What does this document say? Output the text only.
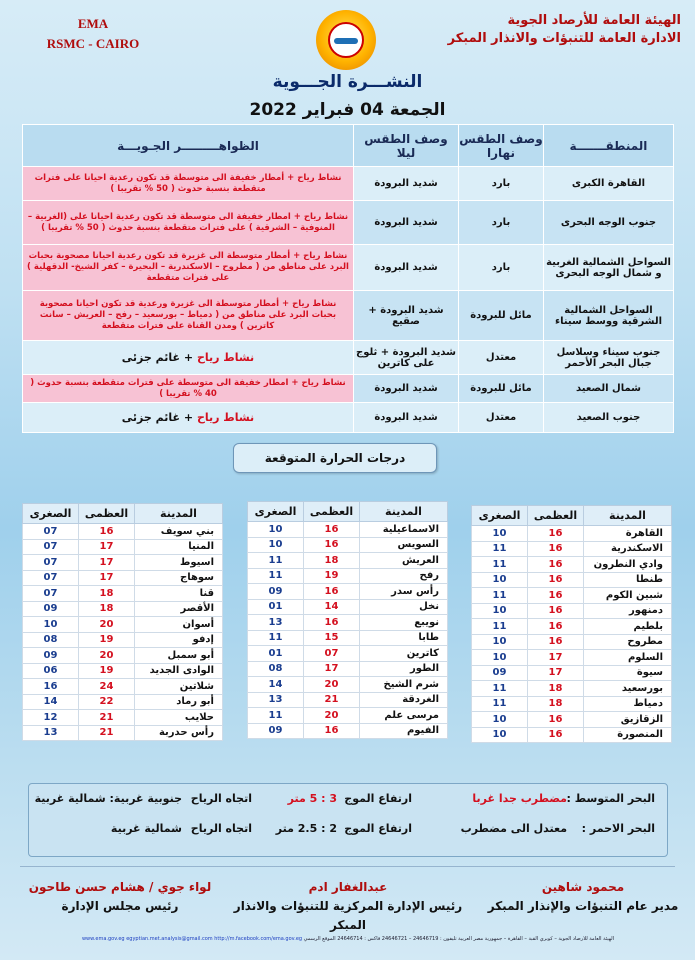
EMA
RSMC - CAIRO
الهيئة العامة للأرصاد الجوية
الادارة العامة للتنبؤات والانذار المبكر
النشـــرة الجـــوية
الجمعة 04 فبراير 2022
المنطقـــــــة	وصف الطقس نهارا	وصف الطقس ليلا	الظواهـــــــــر الجـويـــة
القاهرة الكبرى	بارد	شديد البرودة	نشاط رياح + أمطار خفيفة الى متوسطة قد تكون رعدية احيانا على فترات متقطعة بنسبة حدوث ( 50 % تقريبا )
جنوب الوجه البحرى	بارد	شديد البرودة	نشاط رياح + امطار خفيفة الى متوسطة قد تكون رعدية احيانا على (الغربية – المنوفية – الشرقية ) على فترات متقطعة بنسبة حدوث ( 50 % تقريبا )
السواحل الشمالية الغربية و شمال الوجه البحرى	بارد	شديد البرودة	نشاط رياح + أمطار متوسطة الى غزيرة قد تكون رعدية احيانا مصحوبة بحبات البرد على مناطق من ( مطروح – الاسكندرية – البحيرة – كفر الشيخ- الدقهلية ) على فترات متقطعة
السواحل الشمالية الشرقية ووسط سيناء	مائل للبرودة	شديد البرودة + صقيع	نشاط رياح + أمطار متوسطة الى غزيرة ورعدية قد تكون احيانا مصحوبة بحبات البرد على مناطق من ( دمياط – بورسعيد – رفح – العريش – سانت كاترين ) ومدن القناة على فترات متقطعة
جنوب سيناء وسلاسل جبال البحر الأحمر	معتدل	شديد البرودة + ثلوج على كاترين	نشاط رياح + غائم جزئى
شمال الصعيد	مائل للبرودة	شديد البرودة	نشاط رياح + امطار خفيفة الى متوسطة على فترات متقطعة بنسبة حدوث ( 40 % تقريبا )
جنوب الصعيد	معتدل	شديد البرودة	نشاط رياح + غائم جزئى
درجات الحرارة المتوقعة
المدينة	العظمى	الصغرى
القاهرة	16	10
الاسكندرية	16	11
وادي النطرون	16	11
طنطا	16	10
شبين الكوم	16	11
دمنهور	16	10
بلطيم	16	11
مطروح	16	10
السلوم	17	10
سيوة	17	09
بورسعيد	18	11
دمياط	18	11
الزقازيق	16	10
المنصورة	16	10
المدينة	العظمى	الصغرى
الاسماعيلية	16	10
السويس	16	10
العريش	18	11
رفح	19	11
رأس سدر	16	09
نخل	14	01
نويبع	16	13
طابا	15	11
كاترين	07	01
الطور	17	08
شرم الشيخ	20	14
الغردقة	21	13
مرسى علم	20	11
الفيوم	16	09
المدينة	العظمى	الصغرى
بني سويف	16	07
المنيا	17	07
اسيوط	17	07
سوهاج	17	07
قنا	18	07
الأقصر	18	09
أسوان	20	10
إدفو	19	08
أبو سمبل	20	09
الوادى الجديد	19	06
شلاتين	24	16
أبو رماد	22	14
حلايب	21	12
رأس حدربة	21	13
البحر المتوسط :
مضطرب جدا غربا
ارتفاع الموج
3 : 5 متر
اتجاه الرياح
جنوبية غربية: شمالية غربية
البحر الاحمر :
معتدل الى مضطرب
ارتفاع الموج
2 : 2.5 متر
اتجاه الرياح
شمالية غربية
محمود شاهين
مدير عام التنبؤات والإنذار المبكر
عبدالغفار ادم
رئيس الإدارة المركزية للتنبؤات والانذار المبكر
لواء جوي / هشام حسن طاحون
رئيس مجلس الإدارة
الهيئة العامة للأرصاد الجوية – كوبري القبة – القاهرة – جمهورية مصر العربية تليفون : 24646719 – 24646721 فاكس : 24646714 الموقع الرسمي www.ema.gov.eg egyptian.met.analysis@gmail.com http://m.facebook.com/ema.gov.eg
